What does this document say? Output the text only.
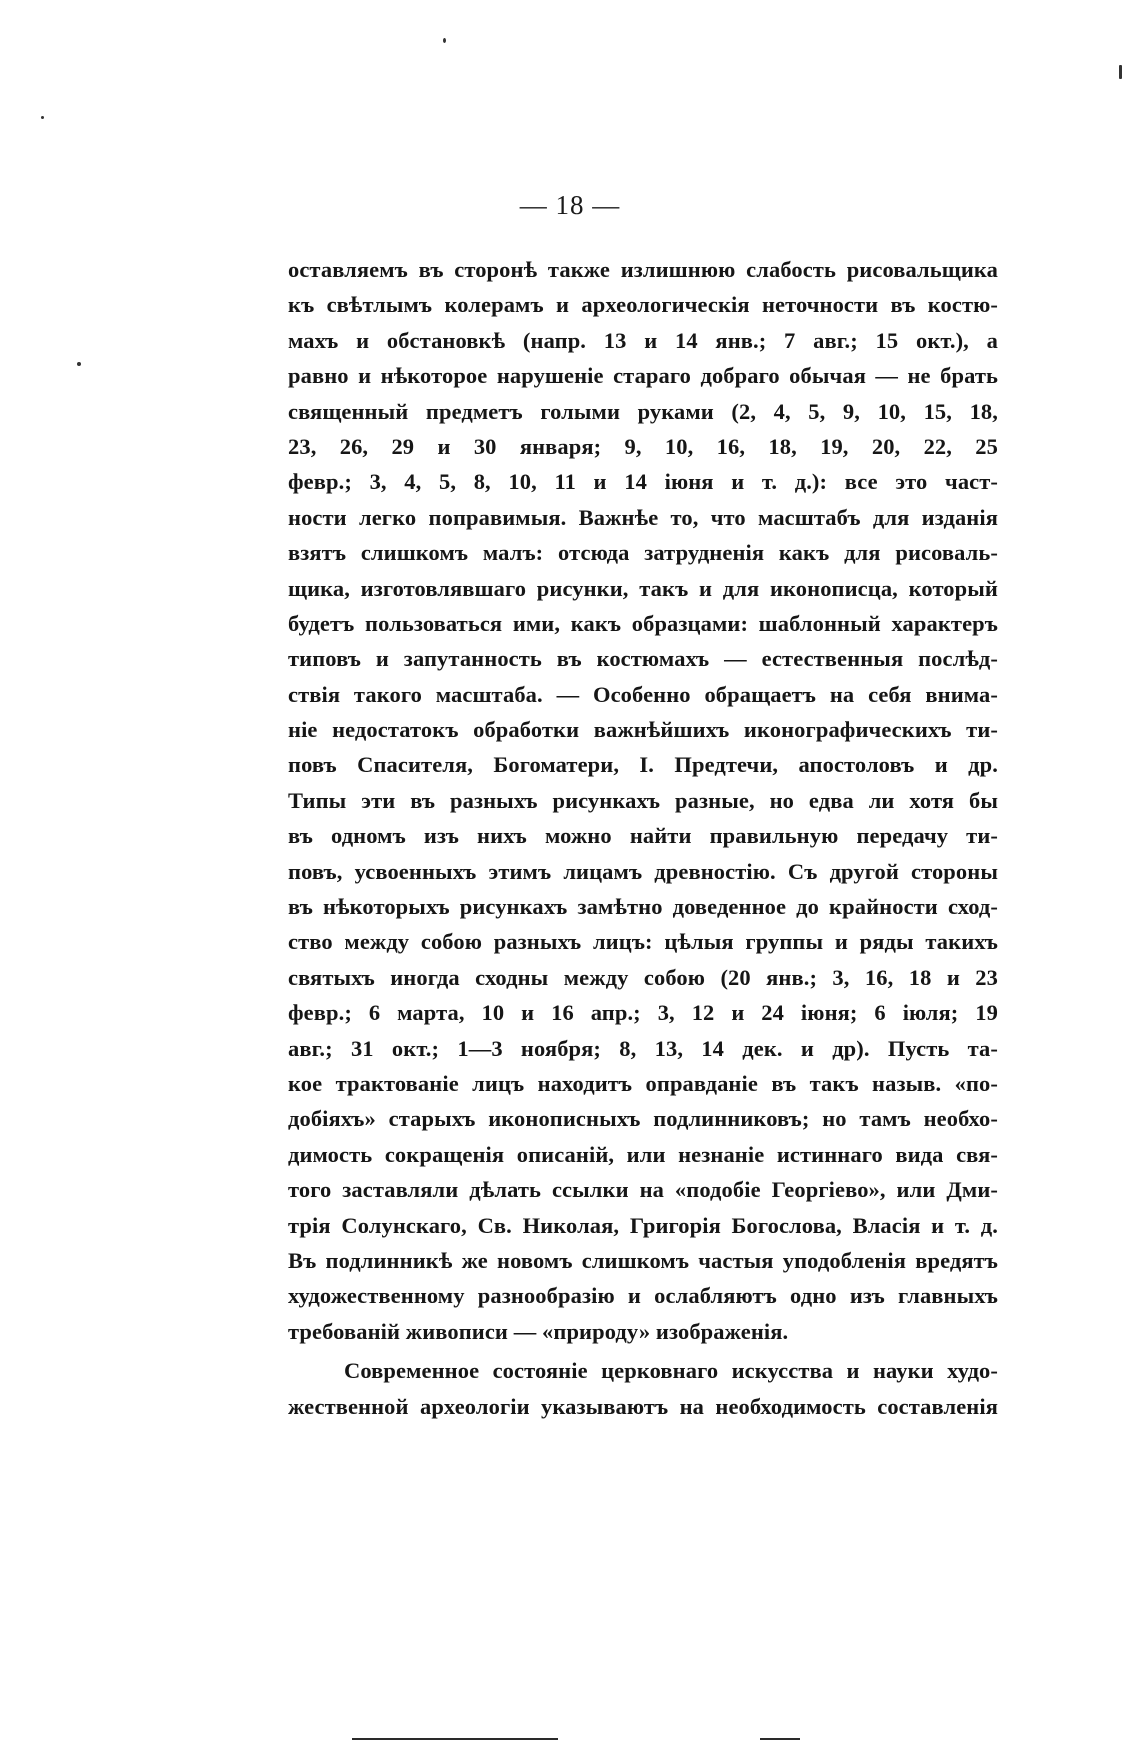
— 18 —
оставляемъ въ сторонѣ также излишнюю слабость рисовальщика
къ свѣтлымъ колерамъ и археологическія неточности въ костю-
махъ и обстановкѣ (напр. 13 и 14 янв.; 7 авг.; 15 окт.), а
равно и нѣкоторое нарушеніе стараго добраго обычая — не брать
священный предметъ голыми руками (2, 4, 5, 9, 10, 15, 18,
23, 26, 29 и 30 января; 9, 10, 16, 18, 19, 20, 22, 25
февр.; 3, 4, 5, 8, 10, 11 и 14 іюня и т. д.): все это част-
ности легко поправимыя. Важнѣе то, что масштабъ для изданія
взятъ слишкомъ малъ: отсюда затрудненія какъ для рисоваль-
щика, изготовлявшаго рисунки, такъ и для иконописца, который
будетъ пользоваться ими, какъ образцами: шаблонный характеръ
типовъ и запутанность въ костюмахъ — естественныя послѣд-
ствія такого масштаба. — Особенно обращаетъ на себя внима-
ніе недостатокъ обработки важнѣйшихъ иконографическихъ ти-
повъ Спасителя, Богоматери, І. Предтечи, апостоловъ и др.
Типы эти въ разныхъ рисункахъ разные, но едва ли хотя бы
въ одномъ изъ нихъ можно найти правильную передачу ти-
повъ, усвоенныхъ этимъ лицамъ древностію. Съ другой стороны
въ нѣкоторыхъ рисункахъ замѣтно доведенное до крайности сход-
ство между собою разныхъ лицъ: цѣлыя группы и ряды такихъ
святыхъ иногда сходны между собою (20 янв.; 3, 16, 18 и 23
февр.; 6 марта, 10 и 16 апр.; 3, 12 и 24 іюня; 6 іюля; 19
авг.; 31 окт.; 1—3 ноября; 8, 13, 14 дек. и др). Пусть та-
кое трактованіе лицъ находитъ оправданіе въ такъ назыв. «по-
добіяхъ» старыхъ иконописныхъ подлинниковъ; но тамъ необхо-
димость сокращенія описаній, или незнаніе истиннаго вида свя-
того заставляли дѣлать ссылки на «подобіе Георгіево», или Дми-
трія Солунскаго, Св. Николая, Григорія Богослова, Власія и т. д.
Въ подлинникѣ же новомъ слишкомъ частыя уподобленія вредятъ
художественному разнообразію и ослабляютъ одно изъ главныхъ
требованій живописи — «природу» изображенія.
Современное состояніе церковнаго искусства и науки худо-
жественной археологіи указываютъ на необходимость составленія
